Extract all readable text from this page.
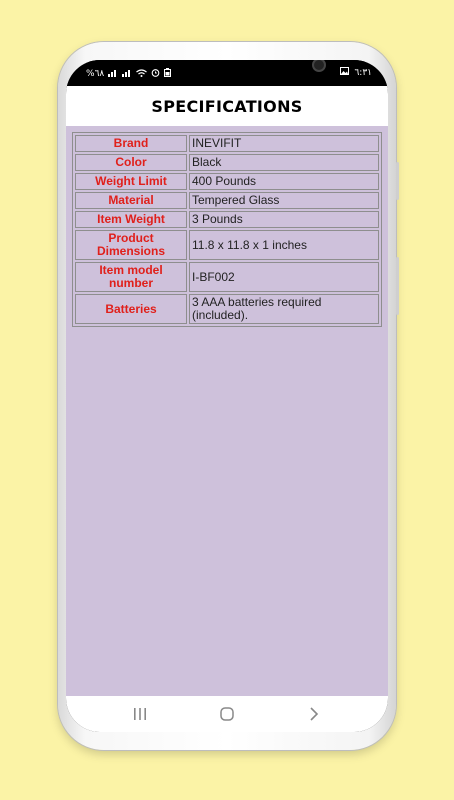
%٦٨	٦:٣١
SPECIFICATIONS
Brand	INEVIFIT
Color	Black
Weight Limit	400 Pounds
Material	Tempered Glass
Item Weight	3 Pounds
Product Dimensions	11.8 x 11.8 x 1 inches
Item model number	I-BF002
Batteries	3 AAA batteries required (included).
